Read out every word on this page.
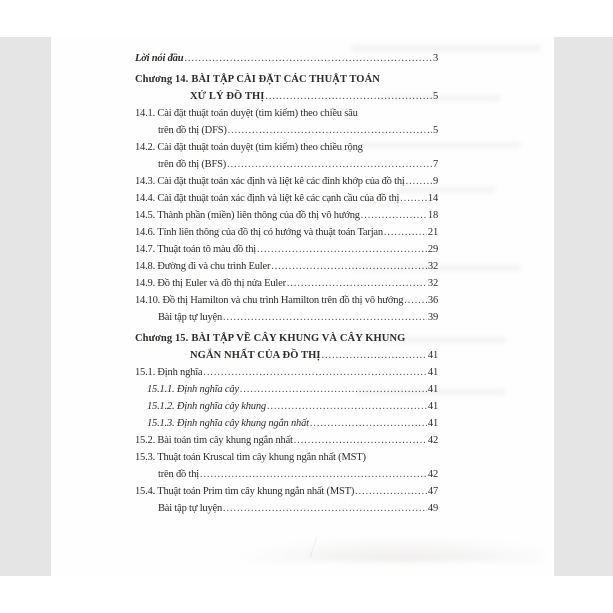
Lời nói đầu .....	3
Chương 14. BÀI TẬP CÀI ĐẶT CÁC THUẬT TOÁN
XỬ LÝ ĐỒ THỊ .....	5
14.1. Cài đặt thuật toán duyệt (tìm kiếm) theo chiều sâu
trên đồ thị (DFS) .....	5
14.2. Cài đặt thuật toán duyệt (tìm kiếm) theo chiều rộng
trên đồ thị (BFS) .....	7
14.3. Cài đặt thuật toán xác định và liệt kê các đỉnh khớp của đồ thị .....	9
14.4. Cài đặt thuật toán xác định và liệt kê các cạnh cầu của đồ thị .....	14
14.5. Thành phần (miền) liên thông của đồ thị vô hướng .....	18
14.6. Tính liên thông của đồ thị có hướng và thuật toán Tarjan .....	21
14.7. Thuật toán tô màu đồ thị .....	29
14.8. Đường đi và chu trình Euler .....	32
14.9. Đồ thị Euler và đồ thị nửa Euler .....	32
14.10. Đồ thị Hamilton và chu trình Hamilton trên đồ thị vô hướng ..... 36
Bài tập tự luyện .....	39
Chương 15. BÀI TẬP VỀ CÂY KHUNG VÀ CÂY KHUNG
NGẮN NHẤT CỦA ĐỒ THỊ .....	41
15.1. Định nghĩa .....	41
15.1.1. Định nghĩa cây .....	41
15.1.2. Định nghĩa cây khung .....	41
15.1.3. Định nghĩa cây khung ngắn nhất .....	41
15.2. Bài toán tìm cây khung ngắn nhất .....	42
15.3. Thuật toán Kruscal tìm cây khung ngắn nhất (MST)
trên đồ thị .....	42
15.4. Thuật toán Prim tìm cây khung ngắn nhất (MST) .....	47
Bài tập tự luyện .....	49
